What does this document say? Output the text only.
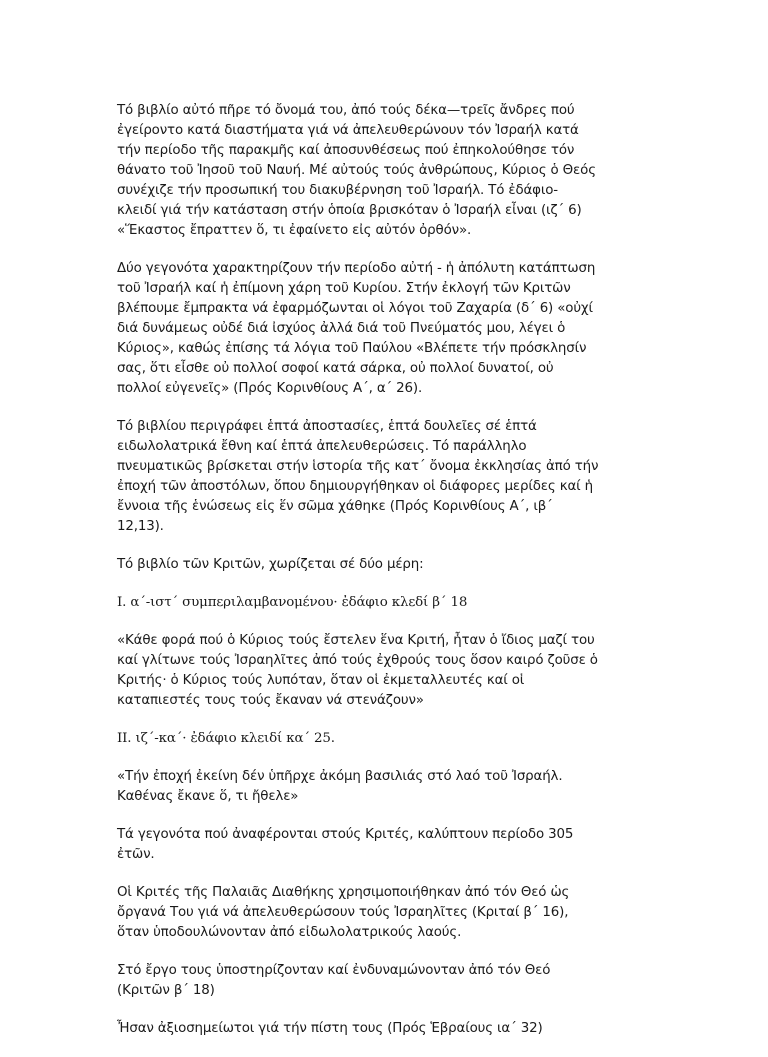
Τό βιβλίο αὐτό πῆρε τό ὄνομά του, ἀπό τούς δέκα—τρεῖς ἄνδρες πού
ἐγείροντο κατά διαστήματα γιά νά ἀπελευθερώνουν τόν Ἰσραήλ κατά
τήν περίοδο τῆς παρακμῆς καί ἀποσυνθέσεως πού ἐπηκολούθησε τόν
θάνατο τοῦ Ἰησοῦ τοῦ Ναυή. Μέ αὐτούς τούς ἀνθρώπους, Κύριος ὁ Θεός
συνέχιζε τήν προσωπική του διακυβέρνηση τοῦ Ἰσραήλ. Τό ἐδάφιο-
κλειδί γιά τήν κατάσταση στήν ὁποία βρισκόταν ὁ Ἰσραήλ εἶναι (ιζ΄ 6)
«Ἕκαστος ἔπραττεν ὅ, τι ἐφαίνετο εἰς αὐτόν ὀρθόν».

Δύο γεγονότα χαρακτηρίζουν τήν περίοδο αὐτή - ἡ ἀπόλυτη κατάπτωση
τοῦ Ἰσραήλ καί ἡ ἐπίμονη χάρη τοῦ Κυρίου. Στήν ἐκλογή τῶν Κριτῶν
βλέπουμε ἔμπρακτα νά ἐφαρμόζωνται οἱ λόγοι τοῦ Ζαχαρία (δ΄ 6) «οὐχί
διά δυνάμεως οὐδέ διά ἰσχύος ἀλλά διά τοῦ Πνεύματός μου, λέγει ὁ
Κύριος», καθώς ἐπίσης τά λόγια τοῦ Παύλου «Βλέπετε τήν πρόσκλησίν
σας, ὅτι εἶσθε οὐ πολλοί σοφοί κατά σάρκα, οὐ πολλοί δυνατοί, οὐ
πολλοί εὐγενεῖς» (Πρός Κορινθίους Α΄, α΄ 26).

Τό βιβλίου περιγράφει ἑπτά ἀποστασίες, ἑπτά δουλεῖες σέ ἑπτά
ειδωλολατρικά ἔθνη καί ἑπτά ἀπελευθερώσεις. Τό παράλληλο
πνευματικῶς βρίσκεται στήν ἱστορία τῆς κατ΄ ὄνομα ἐκκλησίας ἀπό τήν
ἐποχή τῶν ἀποστόλων, ὅπου δημιουργήθηκαν οἱ διάφορες μερίδες καί ἡ
ἔννοια τῆς ἑνώσεως εἰς ἕν σῶμα χάθηκε (Πρός Κορινθίους Α΄, ιβ΄
12,13).

Τό βιβλίο τῶν Κριτῶν, χωρίζεται σέ δύο μέρη:

Ι. α΄-ιστ΄ συμπεριλαμβανομένου· ἐδάφιο κλεδί β΄ 18

«Κάθε φορά πού ὁ Κύριος τούς ἔστελεν ἕνα Κριτή, ἦταν ὁ ἴδιος μαζί του
καί γλίτωνε τούς Ἰσραηλῖτες ἀπό τούς ἐχθρούς τους ὅσον καιρό ζοῦσε ὁ
Κριτής· ὁ Κύριος τούς λυπόταν, ὅταν οἱ ἐκμεταλλευτές καί οἱ
καταπιεστές τους τούς ἔκαναν νά στενάζουν»

ΙΙ. ιζ΄-κα΄· ἐδάφιο κλειδί κα΄ 25.

«Τήν ἐποχή ἐκείνη δέν ὑπῆρχε ἀκόμη βασιλιάς στό λαό τοῦ Ἰσραήλ.
Καθένας ἔκανε ὅ, τι ἤθελε»

Τά γεγονότα πού ἀναφέρονται στούς Κριτές, καλύπτουν περίοδο 305
ἐτῶν.

Οἱ Κριτές τῆς Παλαιᾶς Διαθήκης χρησιμοποιήθηκαν ἀπό τόν Θεό ὡς
ὄργανά Του γιά νά ἀπελευθερώσουν τούς Ἰσραηλῖτες (Κριταί β΄ 16),
ὅταν ὑποδουλώνονταν ἀπό εἰδωλολατρικούς λαούς.

Στό ἔργο τους ὑποστηρίζονταν καί ἐνδυναμώνονταν ἀπό τόν Θεό
(Κριτῶν β΄ 18)

Ἦσαν ἀξιοσημείωτοι γιά τήν πίστη τους (Πρός Ἑβραίους ια΄ 32)
